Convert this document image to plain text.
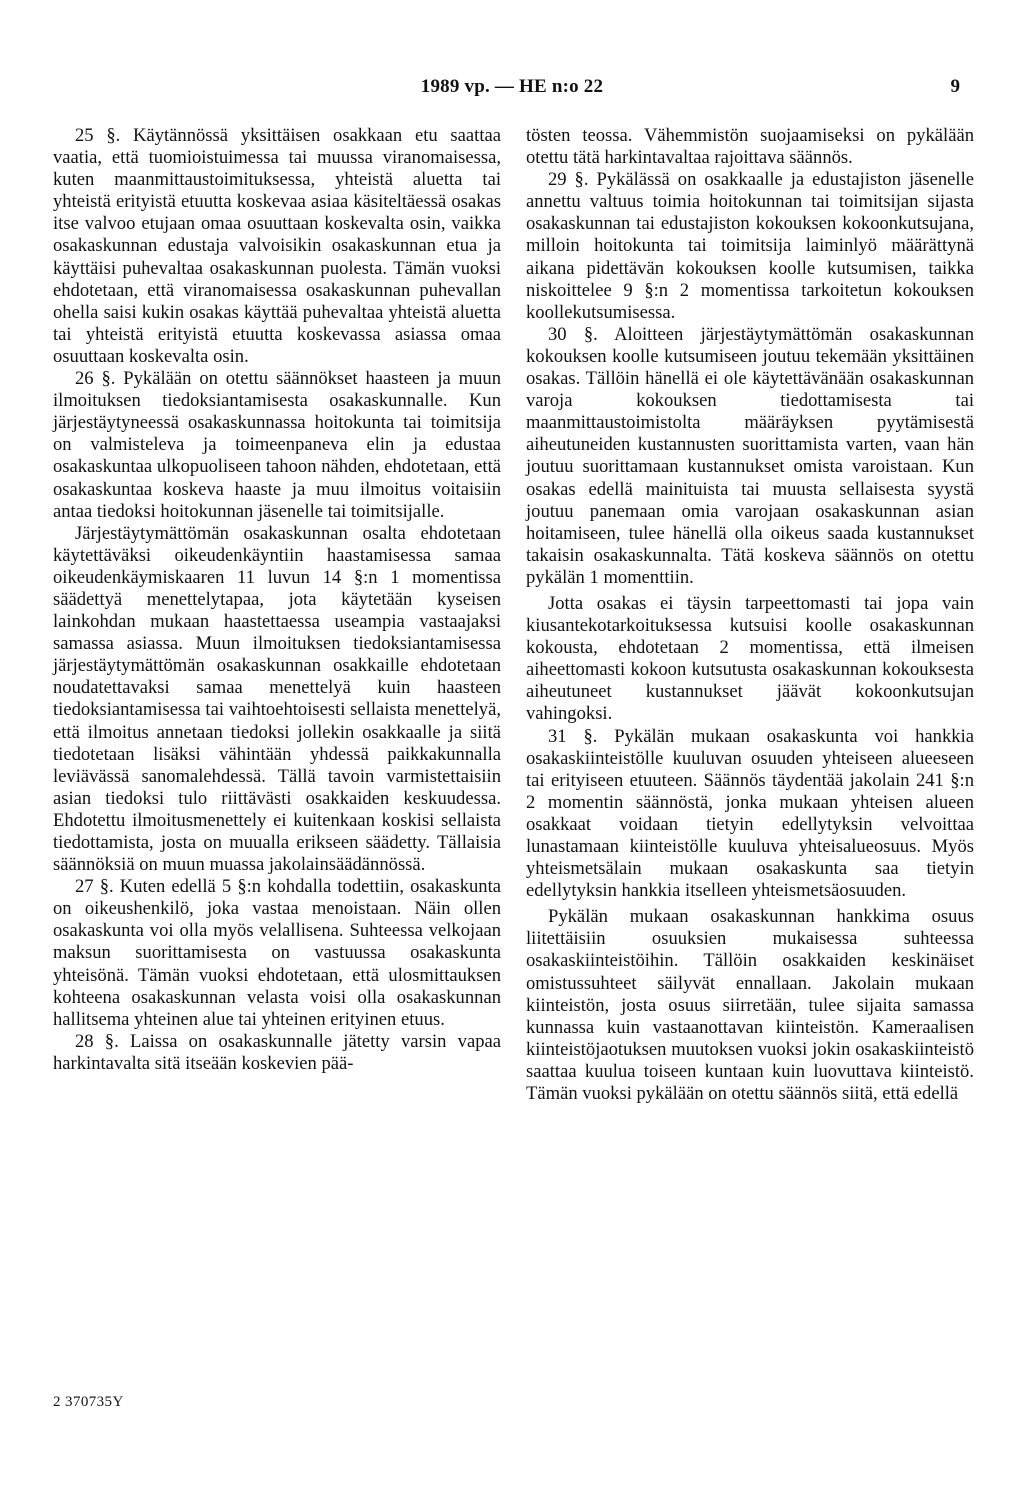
1989 vp. — HE n:o 22	9

25 §. Käytännössä yksittäisen osakkaan etu saattaa vaatia, että tuomioistuimessa tai muussa viranomaisessa, kuten maanmittaustoimituksessa, yhteistä aluetta tai yhteistä erityistä etuutta koskevaa asiaa käsiteltäessä osakas itse valvoo etujaan omaa osuuttaan koskevalta osin, vaikka osakaskunnan edustaja valvoisikin osakaskunnan etua ja käyttäisi puhevaltaa osakaskunnan puolesta. Tämän vuoksi ehdotetaan, että viranomaisessa osakaskunnan puhevallan ohella saisi kukin osakas käyttää puhevaltaa yhteistä aluetta tai yhteistä erityistä etuutta koskevassa asiassa omaa osuuttaan koskevalta osin.

26 §. Pykälään on otettu säännökset haasteen ja muun ilmoituksen tiedoksiantamisesta osakaskunnalle. Kun järjestäytyneessä osakaskunnassa hoitokunta tai toimitsija on valmisteleva ja toimeenpaneva elin ja edustaa osakaskuntaa ulkopuoliseen tahoon nähden, ehdotetaan, että osakaskuntaa koskeva haaste ja muu ilmoitus voitaisiin antaa tiedoksi hoitokunnan jäsenelle tai toimitsijalle.

Järjestäytymättömän osakaskunnan osalta ehdotetaan käytettäväksi oikeudenkäyntiin haastamisessa samaa oikeudenkäymiskaaren 11 luvun 14 §:n 1 momentissa säädettyä menettelytapaa, jota käytetään kyseisen lainkohdan mukaan haastettaessa useampia vastaajaksi samassa asiassa. Muun ilmoituksen tiedoksiantamisessa järjestäytymättömän osakaskunnan osakkaille ehdotetaan noudatettavaksi samaa menettelyä kuin haasteen tiedoksiantamisessa tai vaihtoehtoisesti sellaista menettelyä, että ilmoitus annetaan tiedoksi jollekin osakkaalle ja siitä tiedotetaan lisäksi vähintään yhdessä paikkakunnalla leviävässä sanomalehdessä. Tällä tavoin varmistettaisiin asian tiedoksi tulo riittävästi osakkaiden keskuudessa. Ehdotettu ilmoitusmenettely ei kuitenkaan koskisi sellaista tiedottamista, josta on muualla erikseen säädetty. Tällaisia säännöksiä on muun muassa jakolainsäädännössä.

27 §. Kuten edellä 5 §:n kohdalla todettiin, osakaskunta on oikeushenkilö, joka vastaa menoistaan. Näin ollen osakaskunta voi olla myös velallisena. Suhteessa velkojaan maksun suorittamisesta on vastuussa osakaskunta yhteisönä. Tämän vuoksi ehdotetaan, että ulosmittauksen kohteena osakaskunnan velasta voisi olla osakaskunnan hallitsema yhteinen alue tai yhteinen erityinen etuus.

28 §. Laissa on osakaskunnalle jätetty varsin vapaa harkintavalta sitä itseään koskevien pää-

tösten teossa. Vähemmistön suojaamiseksi on pykälään otettu tätä harkintavaltaa rajoittava säännös.

29 §. Pykälässä on osakkaalle ja edustajiston jäsenelle annettu valtuus toimia hoitokunnan tai toimitsijan sijasta osakaskunnan tai edustajiston kokouksen kokoonkutsujana, milloin hoitokunta tai toimitsija laiminlyö määrättynä aikana pidettävän kokouksen koolle kutsumisen, taikka niskoittelee 9 §:n 2 momentissa tarkoitetun kokouksen koollekutsumisessa.

30 §. Aloitteen järjestäytymättömän osakaskunnan kokouksen koolle kutsumiseen joutuu tekemään yksittäinen osakas. Tällöin hänellä ei ole käytettävänään osakaskunnan varoja kokouksen tiedottamisesta tai maanmittaustoimistolta määräyksen pyytämisestä aiheutuneiden kustannusten suorittamista varten, vaan hän joutuu suorittamaan kustannukset omista varoistaan. Kun osakas edellä mainituista tai muusta sellaisesta syystä joutuu panemaan omia varojaan osakaskunnan asian hoitamiseen, tulee hänellä olla oikeus saada kustannukset takaisin osakaskunnalta. Tätä koskeva säännös on otettu pykälän 1 momenttiin.

Jotta osakas ei täysin tarpeettomasti tai jopa vain kiusantekotarkoituksessa kutsuisi koolle osakaskunnan kokousta, ehdotetaan 2 momentissa, että ilmeisen aiheettomasti kokoon kutsutusta osakaskunnan kokouksesta aiheutuneet kustannukset jäävät kokoonkutsujan vahingoksi.

31 §. Pykälän mukaan osakaskunta voi hankkia osakaskiinteistölle kuuluvan osuuden yhteiseen alueeseen tai erityiseen etuuteen. Säännös täydentää jakolain 241 §:n 2 momentin säännöstä, jonka mukaan yhteisen alueen osakkaat voidaan tietyin edellytyksin velvoittaa lunastamaan kiinteistölle kuuluva yhteisalueosuus. Myös yhteismetsälain mukaan osakaskunta saa tietyin edellytyksin hankkia itselleen yhteismetsäosuuden.

Pykälän mukaan osakaskunnan hankkima osuus liitettäisiin osuuksien mukaisessa suhteessa osakaskiinteistöihin. Tällöin osakkaiden keskinäiset omistussuhteet säilyvät ennallaan. Jakolain mukaan kiinteistön, josta osuus siirretään, tulee sijaita samassa kunnassa kuin vastaanottavan kiinteistön. Kameraalisen kiinteistöjaotuksen muutoksen vuoksi jokin osakaskiinteistö saattaa kuulua toiseen kuntaan kuin luovuttava kiinteistö. Tämän vuoksi pykälään on otettu säännös siitä, että edellä

2 370735Y
